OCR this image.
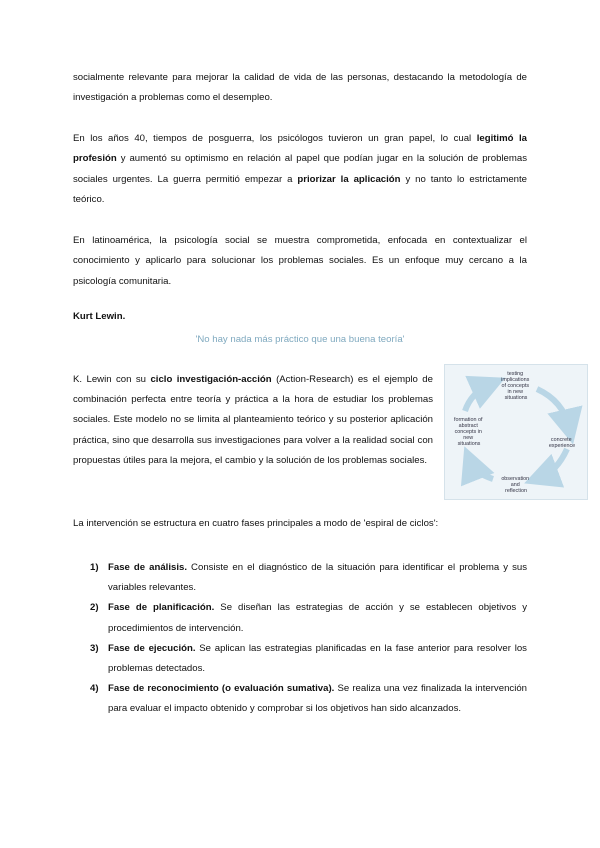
socialmente relevante para mejorar la calidad de vida de las personas, destacando la metodología de investigación a problemas como el desempleo.

En los años 40, tiempos de posguerra, los psicólogos tuvieron un gran papel, lo cual legitimó la profesión y aumentó su optimismo en relación al papel que podían jugar en la solución de problemas sociales urgentes. La guerra permitió empezar a priorizar la aplicación y no tanto lo estrictamente teórico.

En latinoamérica, la psicología social se muestra comprometida, enfocada en contextualizar el conocimiento y aplicarlo para solucionar los problemas sociales. Es un enfoque muy cercano a la psicología comunitaria.

Kurt Lewin.
'No hay nada más práctico que una buena teoría'

K. Lewin con su ciclo investigación-acción (Action-Research) es el ejemplo de combinación perfecta entre teoría y práctica a la hora de estudiar los problemas sociales. Este modelo no se limita al planteamiento teórico y su posterior aplicación práctica, sino que desarrolla sus investigaciones para volver a la realidad social con propuestas útiles para la mejora, el cambio y la solución de los problemas sociales.

testing implications of concepts in new situations
concrete experience
observation and reflection
formation of abstract concepts in new situations
La intervención se estructura en cuatro fases principales a modo de 'espiral de ciclos':
1) Fase de análisis. Consiste en el diagnóstico de la situación para identificar el problema y sus variables relevantes.
2) Fase de planificación. Se diseñan las estrategias de acción y se establecen objetivos y procedimientos de intervención.
3) Fase de ejecución. Se aplican las estrategias planificadas en la fase anterior para resolver los problemas detectados.
4) Fase de reconocimiento (o evaluación sumativa). Se realiza una vez finalizada la intervención para evaluar el impacto obtenido y comprobar si los objetivos han sido alcanzados.
